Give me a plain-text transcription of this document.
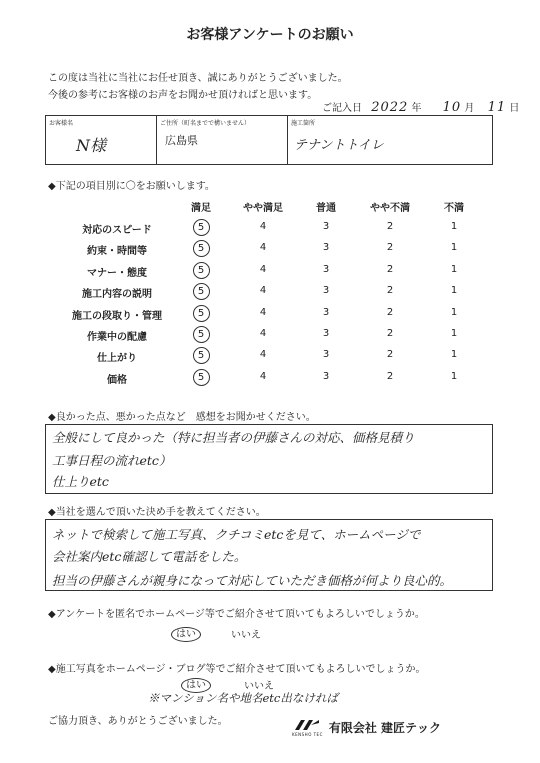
お客様アンケートのお願い
この度は当社に当社にお任せ頂き、誠にありがとうございました。
今後の参考にお客様のお声をお聞かせ頂ければと思います。
ご記入日 2022 年 10 月 11 日
お客様名
N様
ご住所（町名までで構いません）
広島県
施工箇所
テナントトイレ
◆下記の項目別に〇をお願いします。
満足	やや満足	普通	やや不満	不満
対応のスピード	5	4	3	2	1
約束・時間等	5	4	3	2	1
マナー・態度	5	4	3	2	1
施工内容の説明	5	4	3	2	1
施工の段取り・管理	5	4	3	2	1
作業中の配慮	5	4	3	2	1
仕上がり	5	4	3	2	1
価格	5	4	3	2	1
◆良かった点、悪かった点など　感想をお聞かせください。
全般にして良かった（特に担当者の伊藤さんの対応、価格見積り
工事日程の流れetc）
仕上りetc
◆当社を選んで頂いた決め手を教えてください。
ネットで検索して施工写真、クチコミetcを見て、ホームページで
会社案内etc確認して電話をした。
担当の伊藤さんが親身になって対応していただき価格が何より良心的。
◆アンケートを匿名でホームページ等でご紹介させて頂いてもよろしいでしょうか。
はい	いいえ
◆施工写真をホームページ・ブログ等でご紹介させて頂いてもよろしいでしょうか。
はい	いいえ
※マンション名や地名etc出なければ
ご協力頂き、ありがとうございました。
KENSHO TEC 有限会社 建匠テック
